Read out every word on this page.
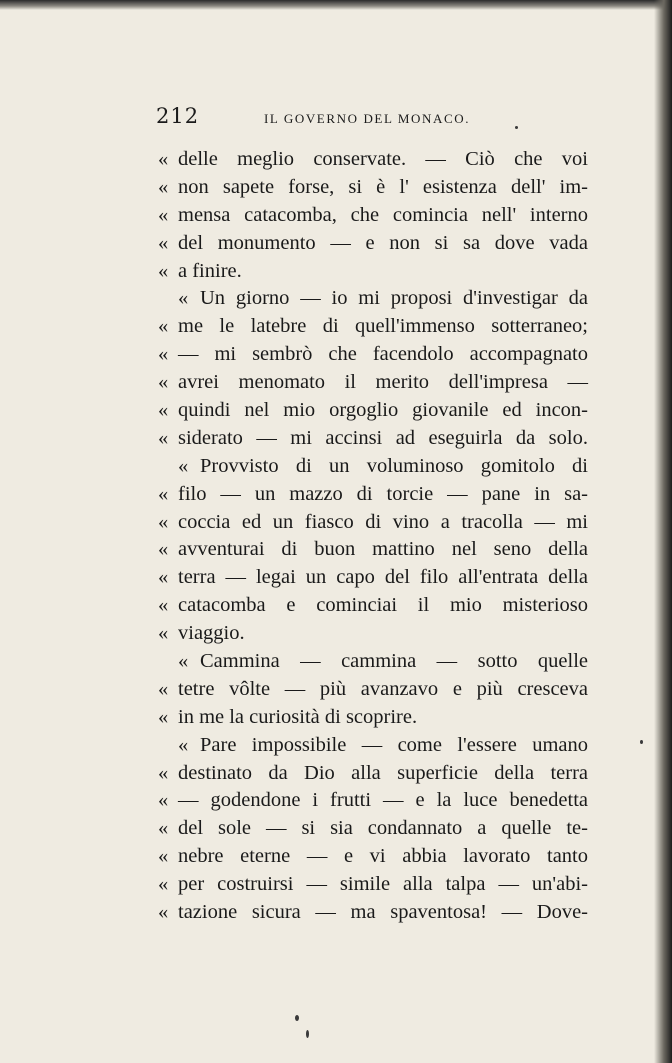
212	IL GOVERNO DEL MONACO.
« delle meglio conservate. — Ciò che voi
« non sapete forse, si è l' esistenza dell' im-
« mensa catacomba, che comincia nell' interno
« del monumento — e non si sa dove vada
« a finire.
« Un giorno — io mi proposi d'investigar da
« me le latebre di quell'immenso sotterraneo;
« — mi sembrò che facendolo accompagnato
« avrei menomato il merito dell'impresa —
« quindi nel mio orgoglio giovanile ed incon-
« siderato — mi accinsi ad eseguirla da solo.
« Provvisto di un voluminoso gomitolo di
« filo — un mazzo di torcie — pane in sa-
« coccia ed un fiasco di vino a tracolla — mi
« avventurai di buon mattino nel seno della
« terra — legai un capo del filo all'entrata della
« catacomba e cominciai il mio misterioso
« viaggio.
« Cammina — cammina — sotto quelle
« tetre vôlte — più avanzavo e più cresceva
« in me la curiosità di scoprire.
« Pare impossibile — come l'essere umano
« destinato da Dio alla superficie della terra
« — godendone i frutti — e la luce benedetta
« del sole — si sia condannato a quelle te-
« nebre eterne — e vi abbia lavorato tanto
« per costruirsi — simile alla talpa — un'abi-
« tazione sicura — ma spaventosa! — Dove-
